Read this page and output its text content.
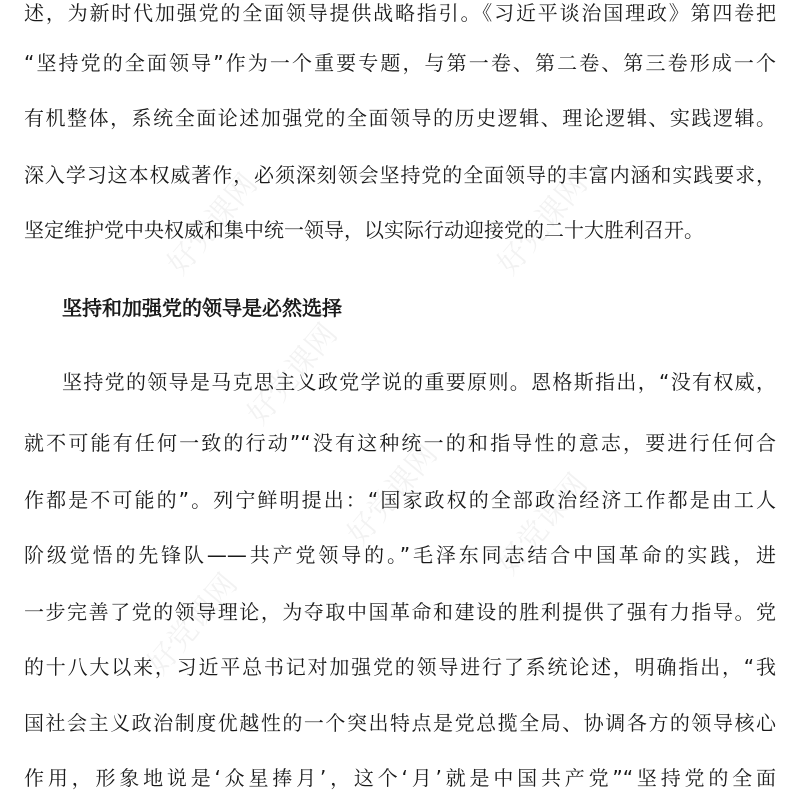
好党课网	好党课网
好党课网
好党课网 好党课网
好党课网
述，为新时代加强党的全面领导提供战略指引。《习近平谈治国理政》第四卷把
“坚持党的全面领导”作为一个重要专题，与第一卷、第二卷、第三卷形成一个
有机整体，系统全面论述加强党的全面领导的历史逻辑、理论逻辑、实践逻辑。
深入学习这本权威著作，必须深刻领会坚持党的全面领导的丰富内涵和实践要求，
坚定维护党中央权威和集中统一领导，以实际行动迎接党的二十大胜利召开。
坚持和加强党的领导是必然选择
坚持党的领导是马克思主义政党学说的重要原则。恩格斯指出，“没有权威，
就不可能有任何一致的行动”“没有这种统一的和指导性的意志，要进行任何合
作都是不可能的”。列宁鲜明提出：“国家政权的全部政治经济工作都是由工人
阶级觉悟的先锋队——共产党领导的。”毛泽东同志结合中国革命的实践，进
一步完善了党的领导理论，为夺取中国革命和建设的胜利提供了强有力指导。党
的十八大以来，习近平总书记对加强党的领导进行了系统论述，明确指出，“我
国社会主义政治制度优越性的一个突出特点是党总揽全局、协调各方的领导核心
作用，形象地说是‘众星捧月’，这个‘月’就是中国共产党”“坚持党的全面
